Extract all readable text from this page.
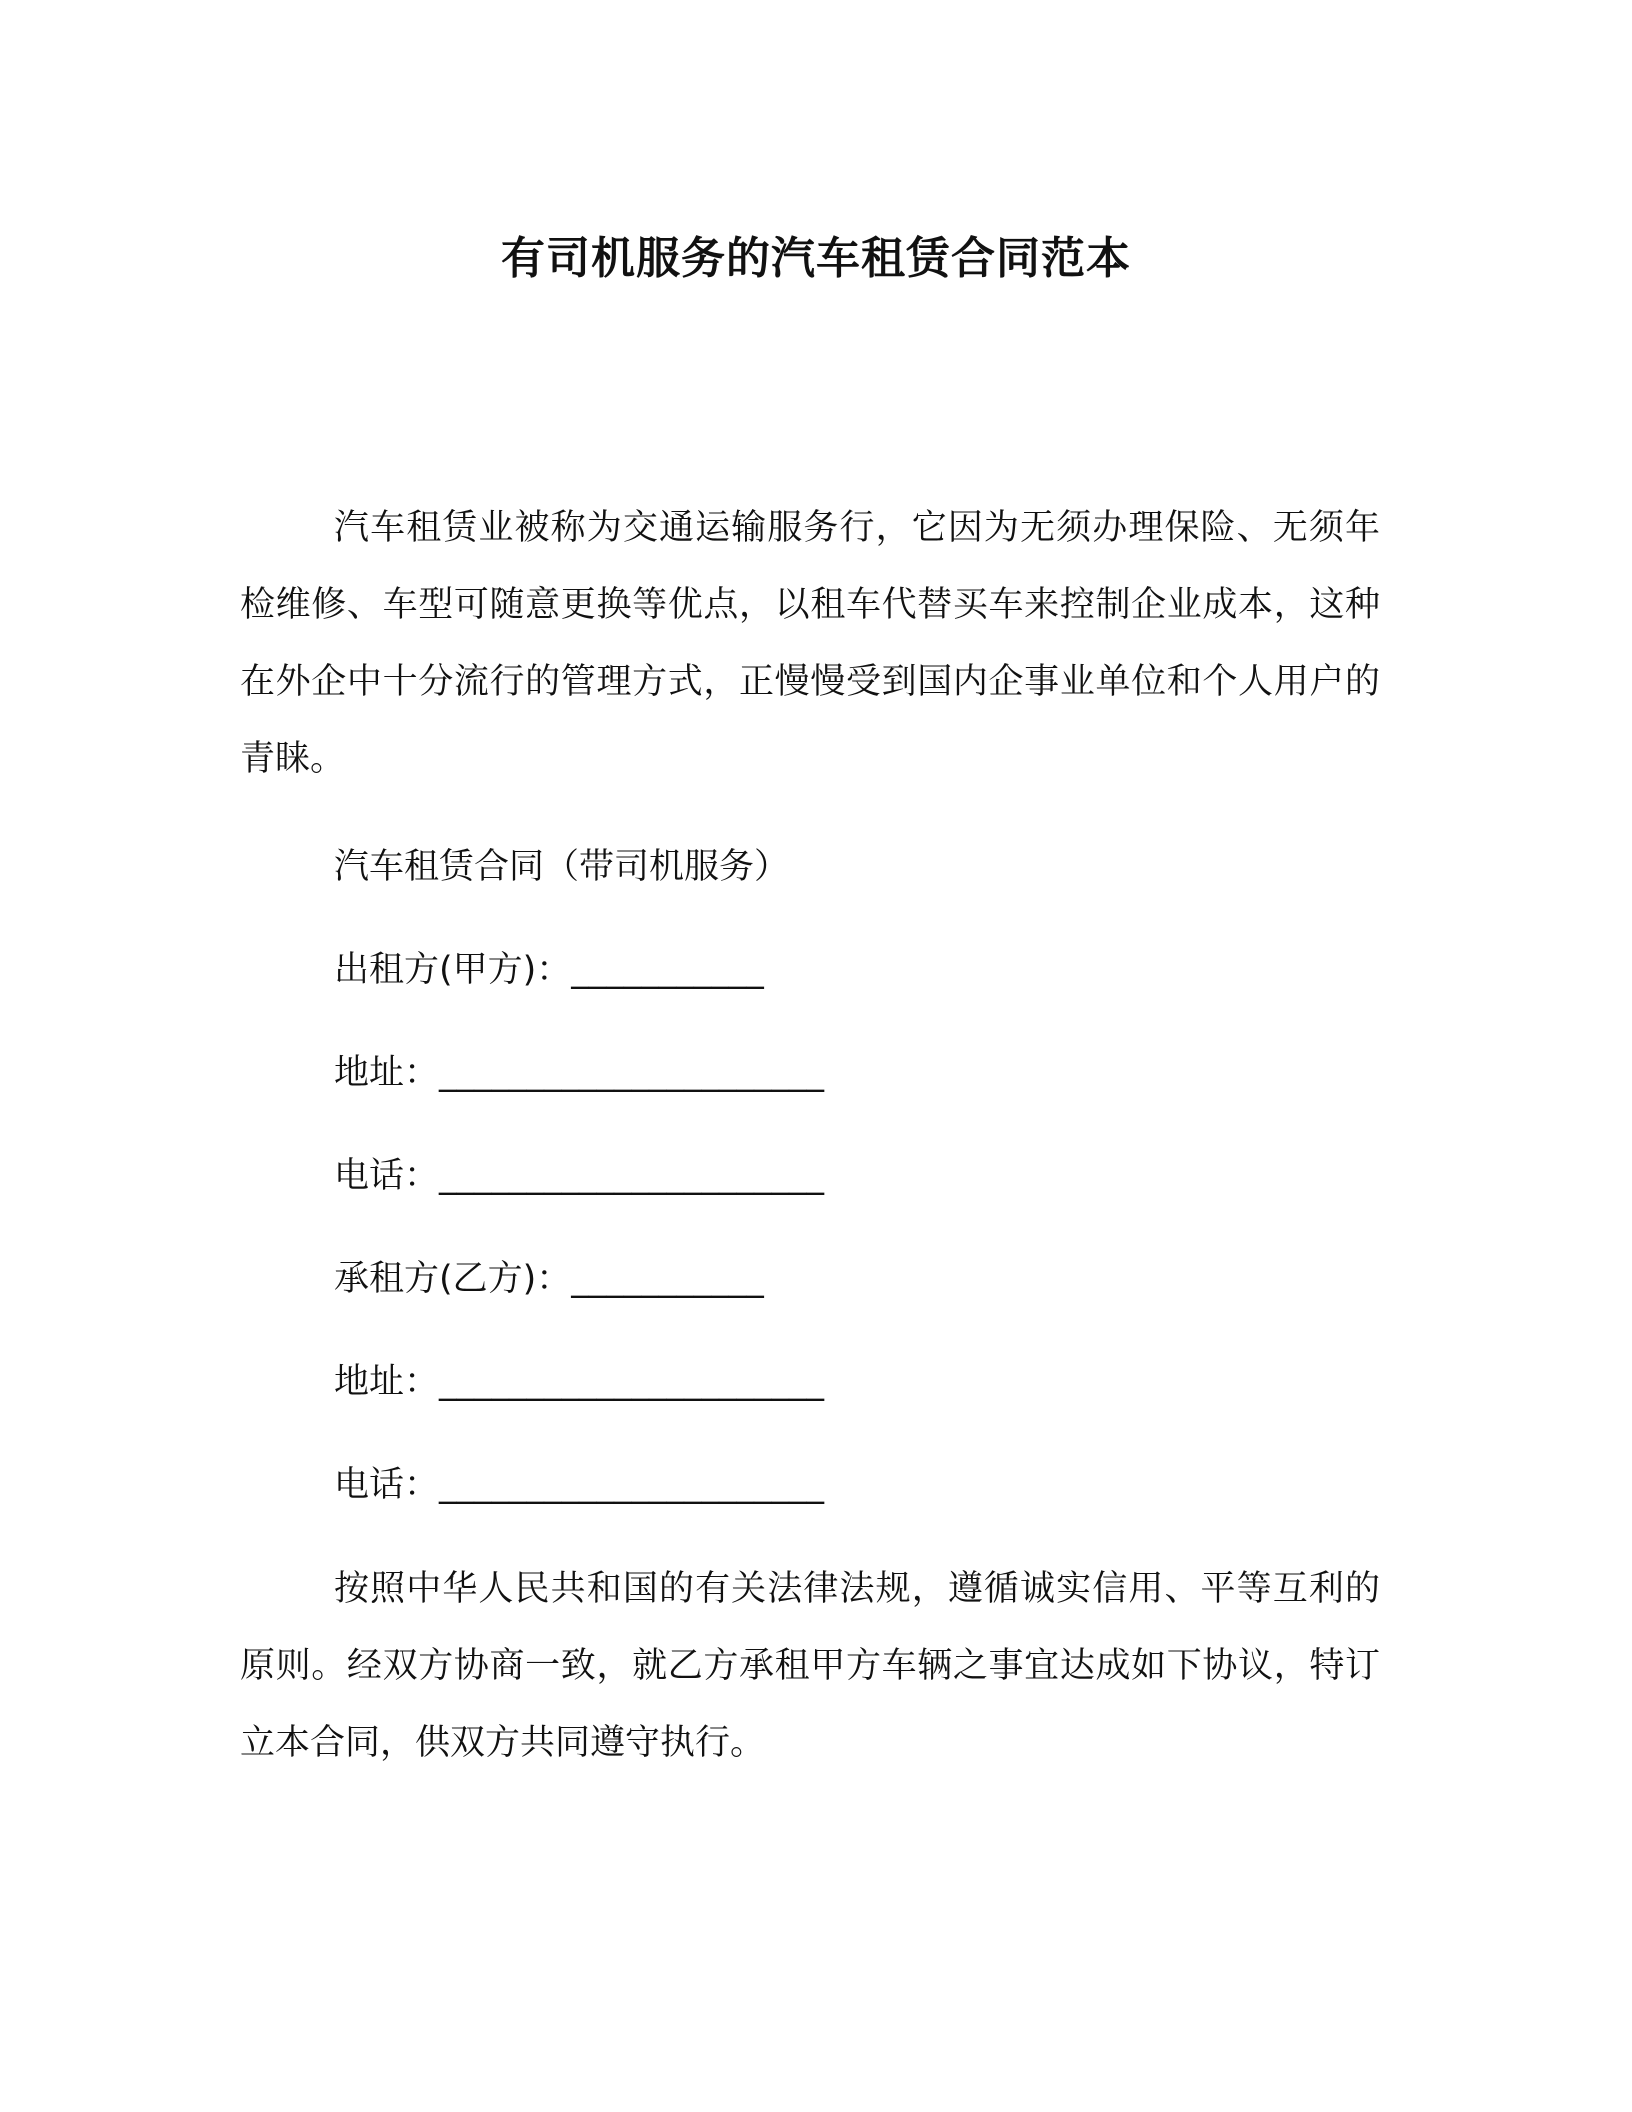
有司机服务的汽车租赁合同范本

汽车租赁业被称为交通运输服务行，它因为无须办理保险、无须年检维修、车型可随意更换等优点，以租车代替买车来控制企业成本，这种在外企中十分流行的管理方式，正慢慢受到国内企事业单位和个人用户的青睐。

汽车租赁合同（带司机服务）

出租方(甲方)：___________

地址：______________________

电话：______________________

承租方(乙方)：___________

地址：______________________

电话：______________________

按照中华人民共和国的有关法律法规，遵循诚实信用、平等互利的原则。经双方协商一致，就乙方承租甲方车辆之事宜达成如下协议，特订立本合同，供双方共同遵守执行。
